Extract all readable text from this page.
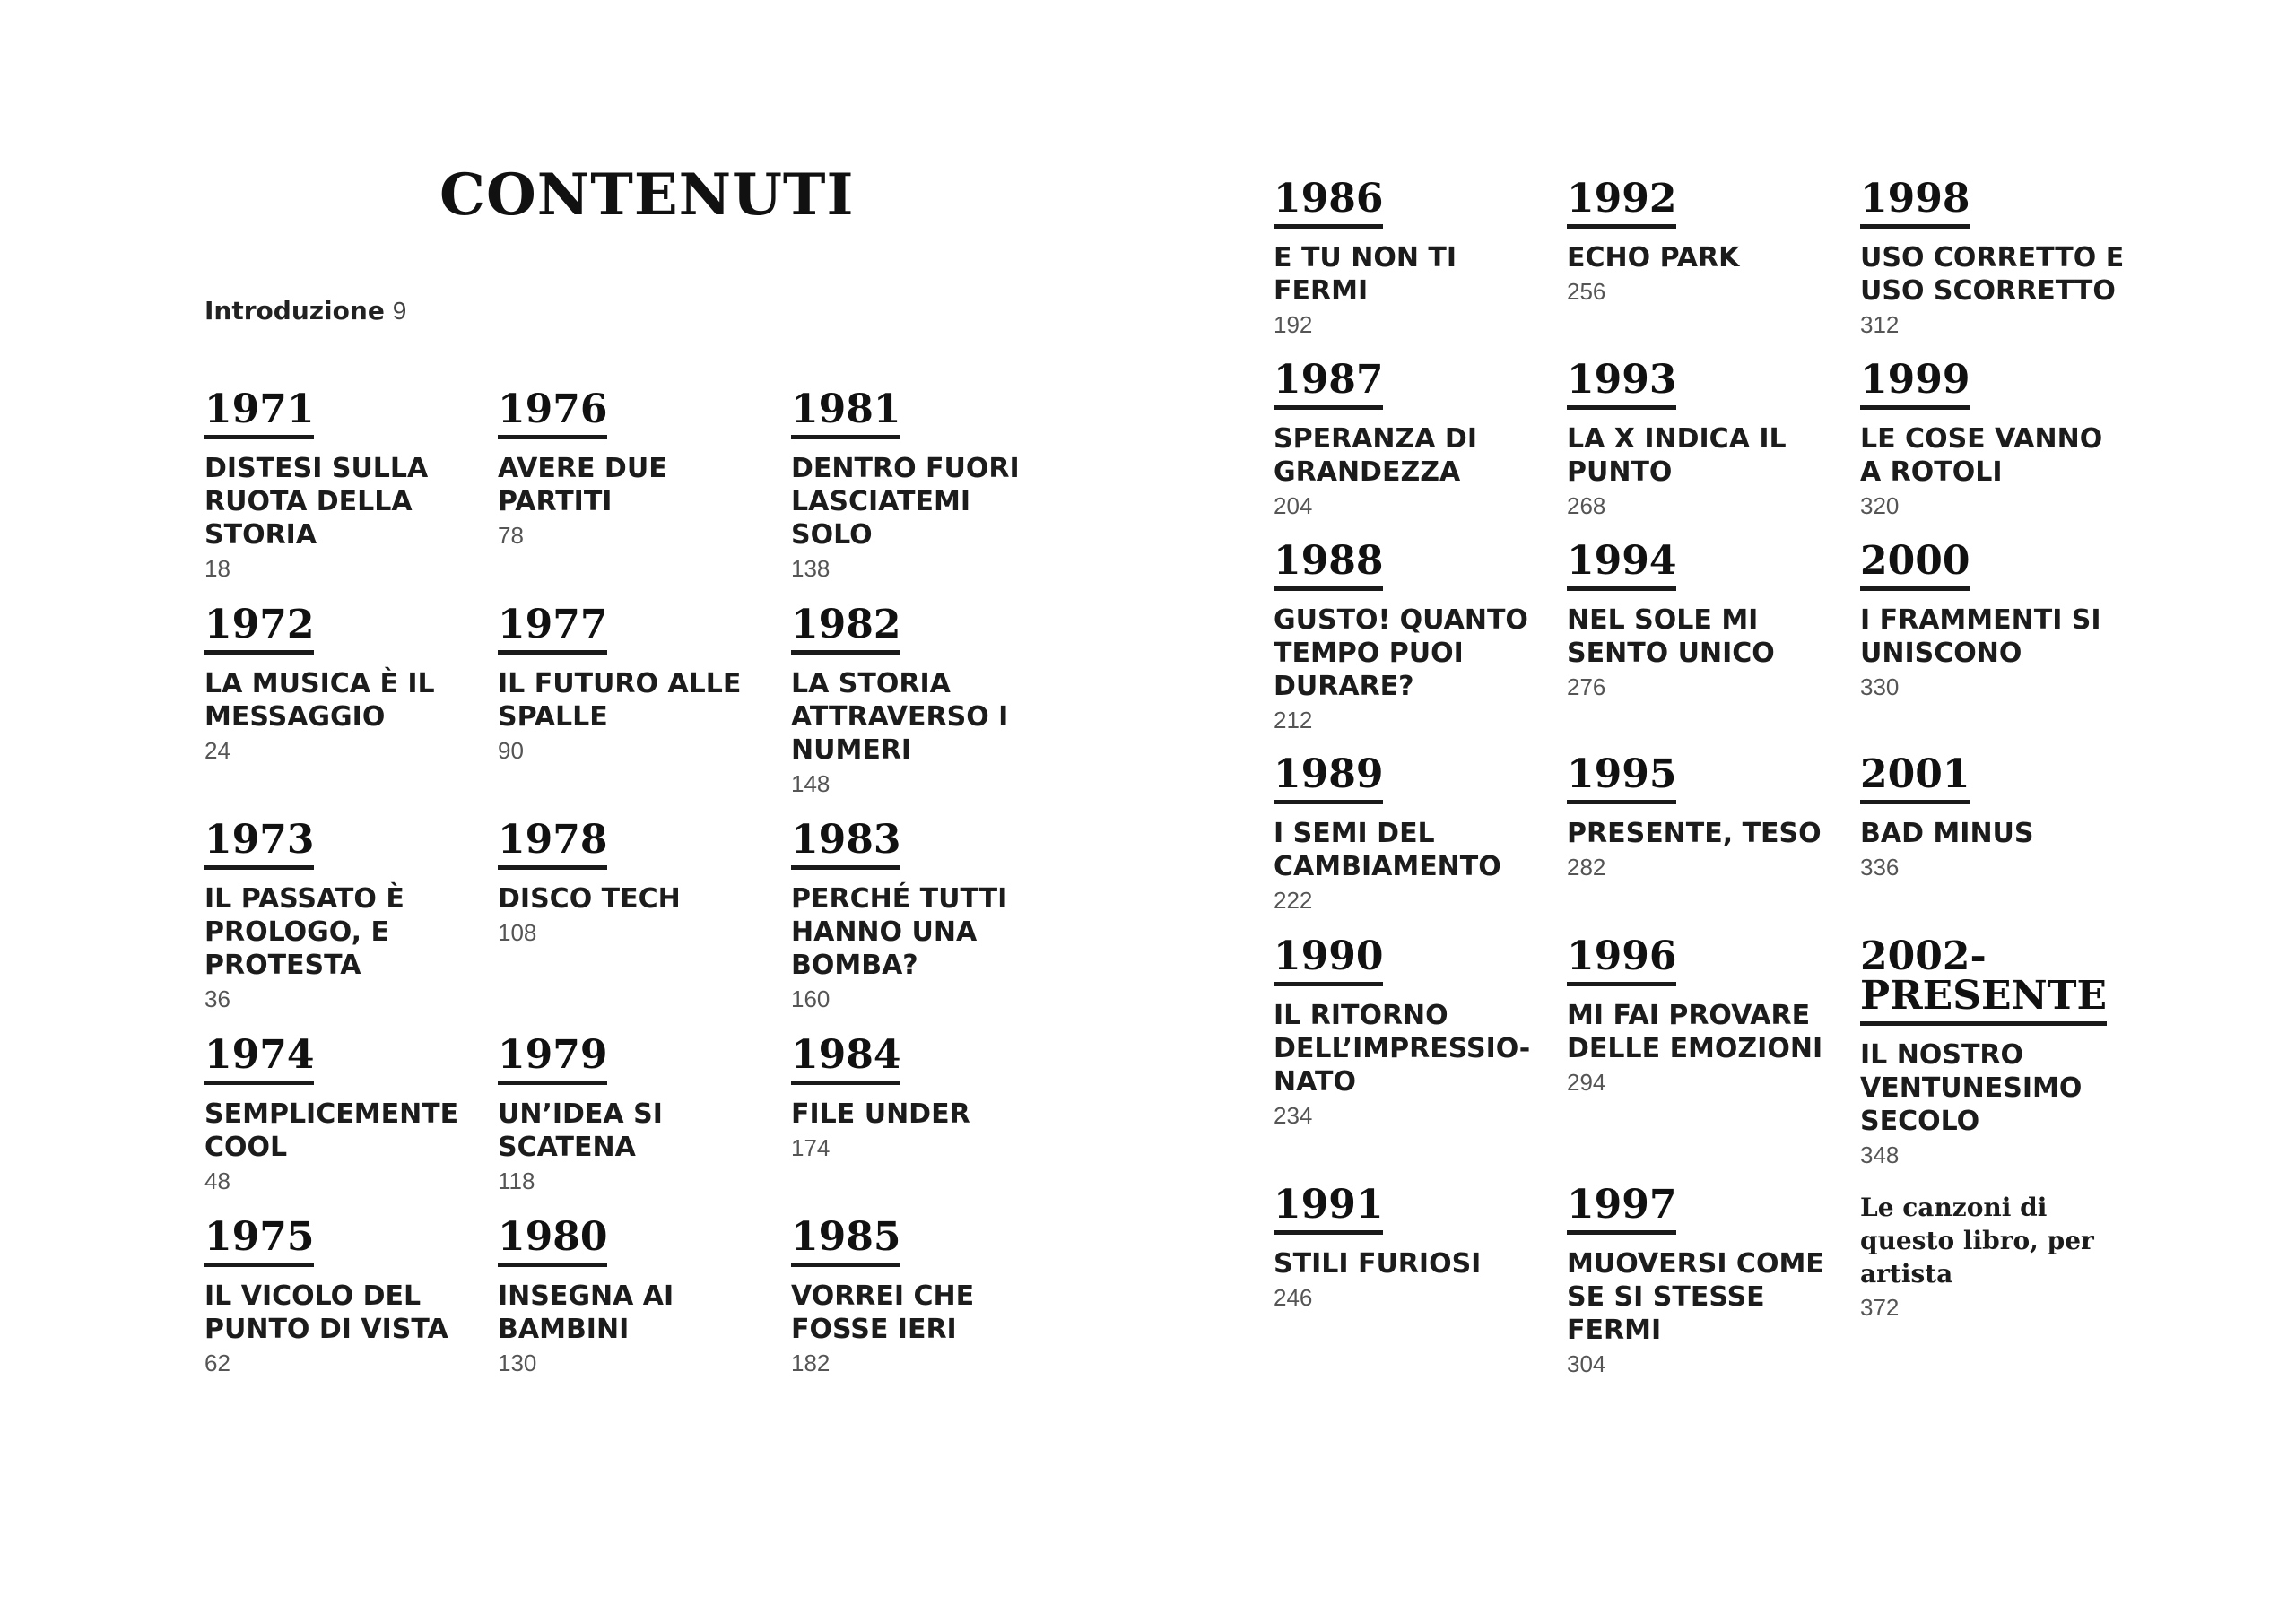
CONTENUTI
Introduzione 9
1971
DISTESI SULLA
RUOTA DELLA
STORIA
18
1972
LA MUSICA È IL
MESSAGGIO
24
1973
IL PASSATO È
PROLOGO, E
PROTESTA
36
1974
SEMPLICEMENTE
COOL
48
1975
IL VICOLO DEL
PUNTO DI VISTA
62
1976
AVERE DUE
PARTITI
78
1977
IL FUTURO ALLE
SPALLE
90
1978
DISCO TECH
108
1979
UN’IDEA SI
SCATENA
118
1980
INSEGNA AI
BAMBINI
130
1981
DENTRO FUORI
LASCIATEMI
SOLO
138
1982
LA STORIA
ATTRAVERSO I
NUMERI
148
1983
PERCHÉ TUTTI
HANNO UNA
BOMBA?
160
1984
FILE UNDER
174
1985
VORREI CHE
FOSSE IERI
182
1986
E TU NON TI
FERMI
192
1987
SPERANZA DI
GRANDEZZA
204
1988
GUSTO! QUANTO
TEMPO PUOI
DURARE?
212
1989
I SEMI DEL
CAMBIAMENTO
222
1990
IL RITORNO
DELL’IMPRESSIO-
NATO
234
1991
STILI FURIOSI
246
1992
ECHO PARK
256
1993
LA X INDICA IL
PUNTO
268
1994
NEL SOLE MI
SENTO UNICO
276
1995
PRESENTE, TESO
282
1996
MI FAI PROVARE
DELLE EMOZIONI
294
1997
MUOVERSI COME
SE SI STESSE
FERMI
304
1998
USO CORRETTO E
USO SCORRETTO
312
1999
LE COSE VANNO
A ROTOLI
320
2000
I FRAMMENTI SI
UNISCONO
330
2001
BAD MINUS
336
2002-
PRESENTE
IL NOSTRO
VENTUNESIMO
SECOLO
348
Le canzoni di
questo libro, per
artista
372
